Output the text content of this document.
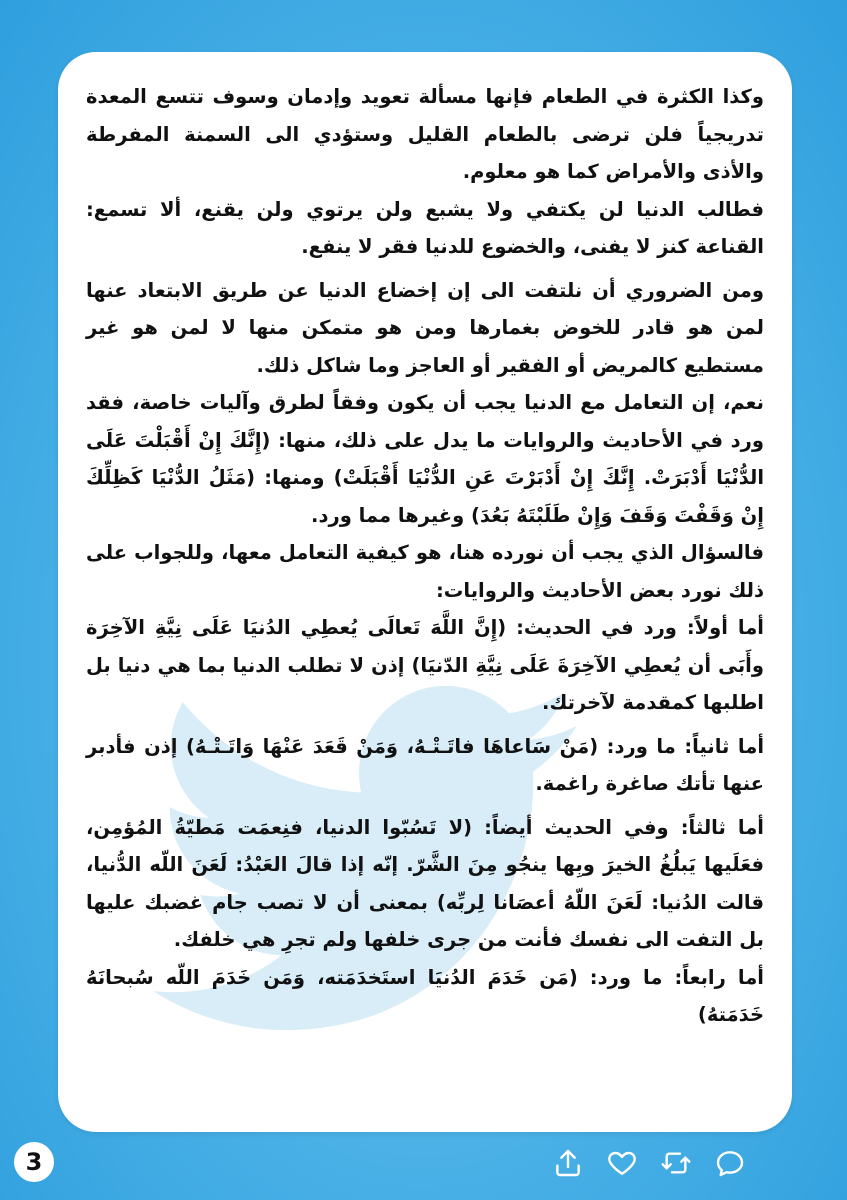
وكذا الكثرة في الطعام فإنها مسألة تعويد وإدمان وسوف تتسع المعدة تدريجياً فلن ترضى بالطعام القليل وستؤدي الى السمنة المفرطة والأذى والأمراض كما هو معلوم.

فطالب الدنيا لن يكتفي ولا يشبع ولن يرتوي ولن يقنع، ألا تسمع: القناعة كنز لا يفنى، والخضوع للدنيا فقر لا ينفع.

ومن الضروري أن نلتفت الى إن إخضاع الدنيا عن طريق الابتعاد عنها لمن هو قادر للخوض بغمارها ومن هو متمكن منها لا لمن هو غير مستطيع كالمريض أو الفقير أو العاجز وما شاكل ذلك.

نعم، إن التعامل مع الدنيا يجب أن يكون وفقاً لطرق وآليات خاصة، فقد ورد في الأحاديث والروايات ما يدل على ذلك، منها: (إِنَّكَ إِنْ أَقْبَلْتَ عَلَى الدُّنْيَا أَدْبَرَتْ. إِنَّكَ إِنْ أَدْبَرْتَ عَنِ الدُّنْيَا أَقْبَلَتْ) ومنها: (مَثَلُ الدُّنْيَا كَظِلِّكَ إِنْ وَقَفْتَ وَقَفَ وَإِنْ طَلَبْتَهُ بَعُدَ) وغيرها مما ورد.

فالسؤال الذي يجب أن نورده هنا، هو كيفية التعامل معها، وللجواب على ذلك نورد بعض الأحاديث والروايات:

أما أولاً: ورد في الحديث: (إِنَّ اللَّهَ تَعالَى يُعطِي الدُنيَا عَلَى نِيَّةِ الآخِرَة وأَبَى أن يُعطِي الآخِرَةَ عَلَى نِيَّةِ الدّنيَا) إذن لا تطلب الدنيا بما هي دنيا بل اطلبها كمقدمة لآخرتك.

أما ثانياً: ما ورد: (مَنْ سَاعاهَا فاتَـتْـهُ، وَمَنْ قَعَدَ عَنْهَا وَاتَـتْـهُ) إذن فأدبر عنها تأتك صاغرة راغمة.

أما ثالثاً: وفي الحديث أيضاً: (لا تَسُبّوا الدنيا، فنِعمَت مَطيّةُ المُؤمِن، فعَلَيها يَبلُغُ الخيرَ وبِها ينجُو مِنَ الشَّرّ. إنّه إذا قالَ العَبْدُ: لَعَنَ اللّه الدُّنيا، قالت الدُنيا: لَعَنَ اللّهُ أعصَانا لِربِّه) بمعنى أن لا تصب جام غضبك عليها بل التفت الى نفسك فأنت من جرى خلفها ولم تجرِ هي خلفك.

أما رابعاً: ما ورد: (مَن خَدَمَ الدُنيَا استَخدَمَته، وَمَن خَدَمَ اللّه سُبحانَهُ خَدَمَتهُ)

3
